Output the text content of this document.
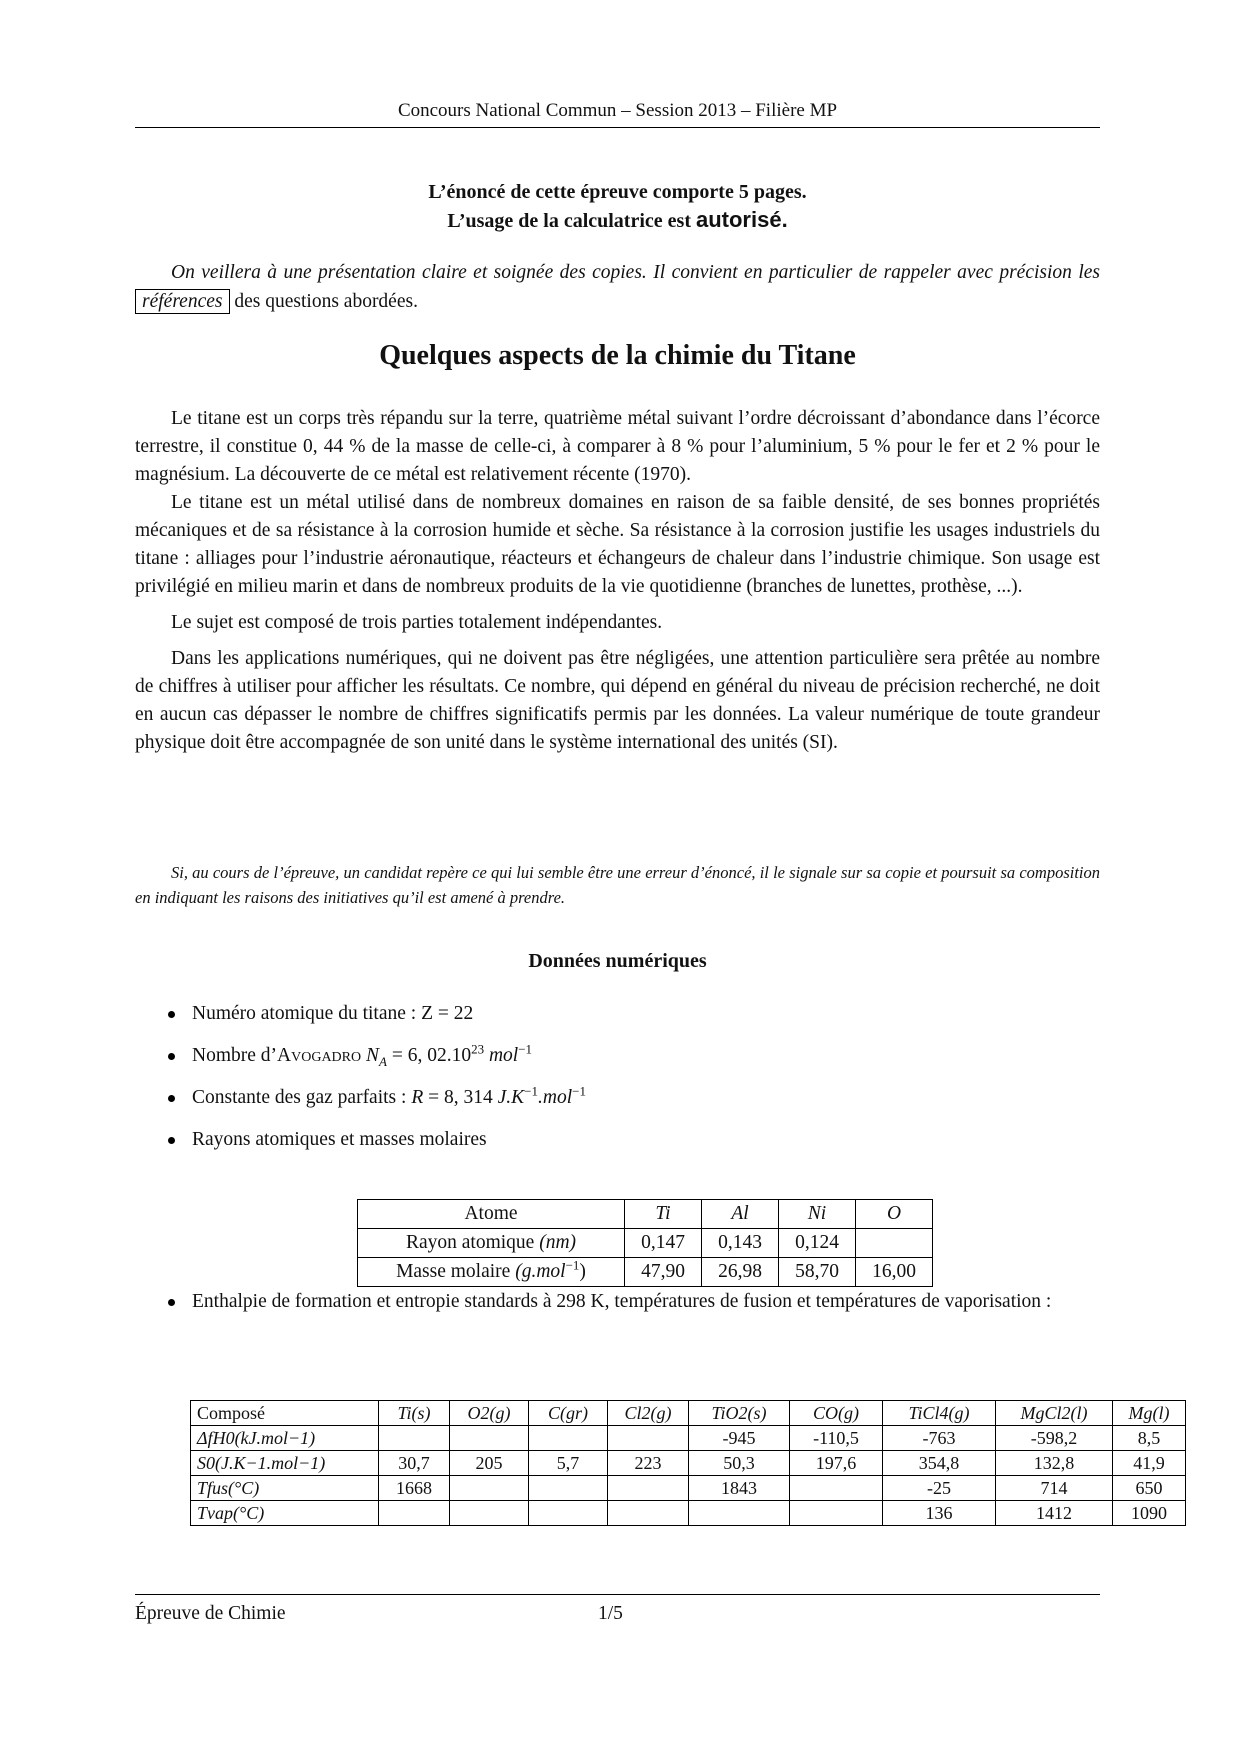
Concours National Commun – Session 2013 – Filière MP
L’énoncé de cette épreuve comporte 5 pages.
L’usage de la calculatrice est autorisé.

On veillera à une présentation claire et soignée des copies. Il convient en particulier de rappeler avec précision les références des questions abordées.

Quelques aspects de la chimie du Titane

Le titane est un corps très répandu sur la terre, quatrième métal suivant l’ordre décroissant d’abondance dans l’écorce terrestre, il constitue 0, 44 % de la masse de celle-ci, à comparer à 8 % pour l’aluminium, 5 % pour le fer et 2 % pour le magnésium. La découverte de ce métal est relativement récente (1970).

Le titane est un métal utilisé dans de nombreux domaines en raison de sa faible densité, de ses bonnes propriétés mécaniques et de sa résistance à la corrosion humide et sèche. Sa résistance à la corrosion justifie les usages industriels du titane : alliages pour l’industrie aéronautique, réacteurs et échangeurs de chaleur dans l’industrie chimique. Son usage est privilégié en milieu marin et dans de nombreux produits de la vie quotidienne (branches de lunettes, prothèse, ...).

Le sujet est composé de trois parties totalement indépendantes.

Dans les applications numériques, qui ne doivent pas être négligées, une attention particulière sera prêtée au nombre de chiffres à utiliser pour afficher les résultats. Ce nombre, qui dépend en général du niveau de précision recherché, ne doit en aucun cas dépasser le nombre de chiffres significatifs permis par les données. La valeur numérique de toute grandeur physique doit être accompagnée de son unité dans le système international des unités (SI).

Si, au cours de l’épreuve, un candidat repère ce qui lui semble être une erreur d’énoncé, il le signale sur sa copie et poursuit sa composition en indiquant les raisons des initiatives qu’il est amené à prendre.

Données numériques
Numéro atomique du titane : Z = 22
Nombre d’Avogadro $N_A = 6$, 02.10$^{23}$ mol$^{-1}$
Constante des gaz parfaits : R = 8, 314 $J.K^{-1}.mol^{-1}$
Rayons atomiques et masses molaires
Enthalpie de formation et entropie standards à 298 K, températures de fusion et températures de vaporisation :
Atome	Ti	Al	Ni	O
Rayon atomique (nm)	0,147	0,143	0,124	
Masse molaire (g.mol$^{-1}$)	47,90	26,98	58,70	16,00
Composé	Ti(s)	O2(g)	C(gr)	Cl2(g)	TiO2(s)	CO(g)	TiCl4(g)	MgCl2(l)	Mg(l)
ΔfH0(kJ.mol−1)					-945	-110,5	-763	-598,2	8,5
S0(J.K−1.mol−1)	30,7	205	5,7	223	50,3	197,6	354,8	132,8	41,9
Tfus(°C)	1668				1843		-25	714	650
Tvap(°C)							136	1412	1090
Épreuve de Chimie	1/5
